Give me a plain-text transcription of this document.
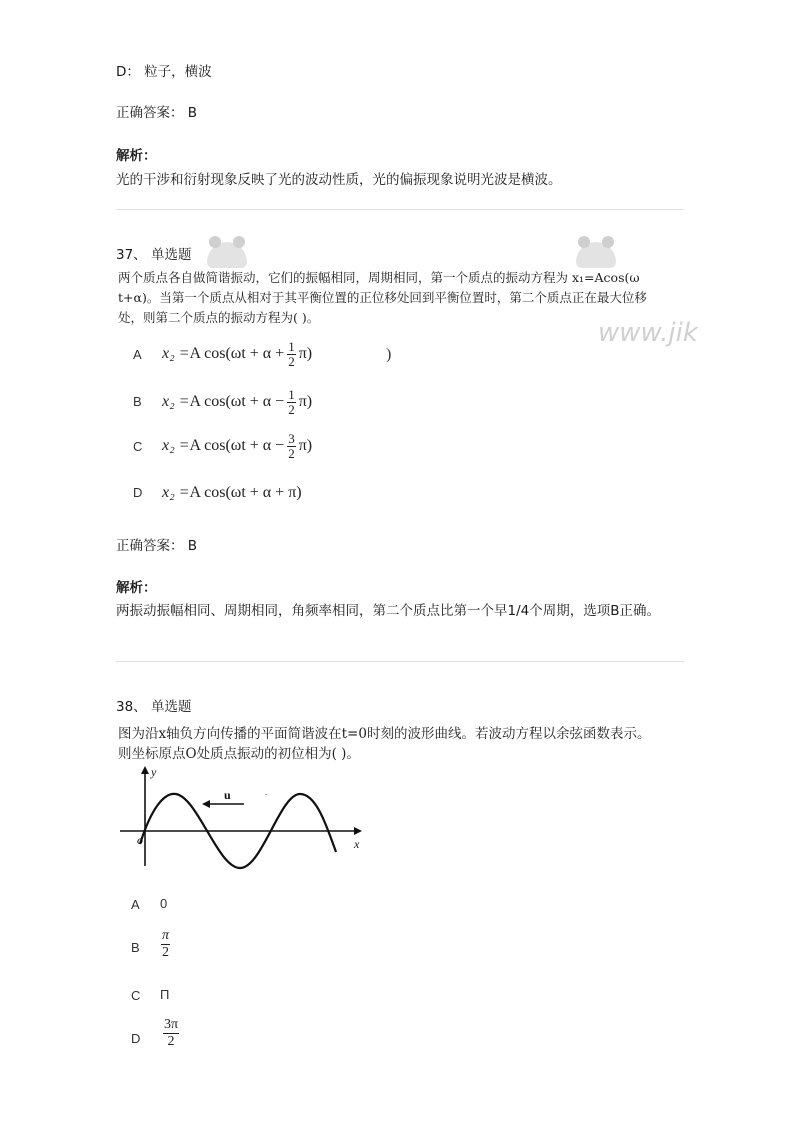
D： 粒子，横波
正确答案： B
解析：
光的干涉和衍射现象反映了光的波动性质，光的偏振现象说明光波是横波。
37、 单选题
www.jik
两个质点各自做简谐振动，它们的振幅相同，周期相同，第一个质点的振动方程为 x₁=Acos(ω
t+α)。当第一个质点从相对于其平衡位置的正位移处回到平衡位置时，第二个质点正在最大位移
处，则第二个质点的振动方程为( )。
A x₂ = A $\cos(\omega t + \alpha + \frac{1}{2} \pi)$	)
B x₂ = A $\cos(\omega t + \alpha - \frac{1}{2} \pi)$
C x₂ = A $\cos(\omega t + \alpha - \frac{3}{2} \pi)$
D x₂ = A cos(ωt + α + π)
正确答案： B
解析：
两振动振幅相同、周期相同，角频率相同，第二个质点比第一个早1/4个周期，选项B正确。
38、 单选题
图为沿x轴负方向传播的平面简谐波在t=0时刻的波形曲线。若波动方程以余弦函数表示。
则坐标原点O处质点振动的初位相为( )。
y
x
o
u
A 0
B $\frac{\pi}{2}$
C Π
D $\frac{3\pi}{2}$
